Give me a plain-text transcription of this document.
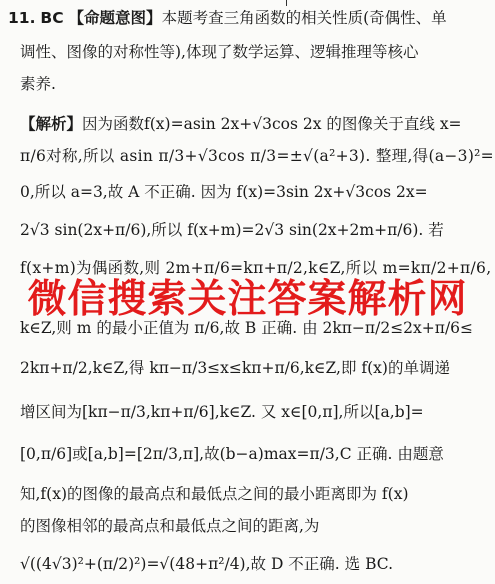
11. BC 【命题意图】本题考查三角函数的相关性质(奇偶性、单
调性、图像的对称性等),体现了数学运算、逻辑推理等核心
素养.
【解析】因为函数f(x)=asin 2x+√3cos 2x 的图像关于直线 x=
π/6对称,所以 asin π/3+√3cos π/3=±√(a²+3). 整理,得(a−3)²=
0,所以 a=3,故 A 不正确. 因为 f(x)=3sin 2x+√3cos 2x=
2√3 sin(2x+π/6),所以 f(x+m)=2√3 sin(2x+2m+π/6). 若
f(x+m)为偶函数,则 2m+π/6=kπ+π/2,k∈Z,所以 m=kπ/2+π/6,
k∈Z,则 m 的最小正值为 π/6,故 B 正确. 由 2kπ−π/2≤2x+π/6≤
2kπ+π/2,k∈Z,得 kπ−π/3≤x≤kπ+π/6,k∈Z,即 f(x)的单调递
增区间为[kπ−π/3,kπ+π/6],k∈Z. 又 x∈[0,π],所以[a,b]=
[0,π/6]或[a,b]=[2π/3,π],故(b−a)max=π/3,C 正确. 由题意
知,f(x)的图像的最高点和最低点之间的最小距离即为 f(x)
的图像相邻的最高点和最低点之间的距离,为
√((4√3)²+(π/2)²)=√(48+π²/4),故 D 不正确. 选 BC.
微信搜索关注答案解析网
